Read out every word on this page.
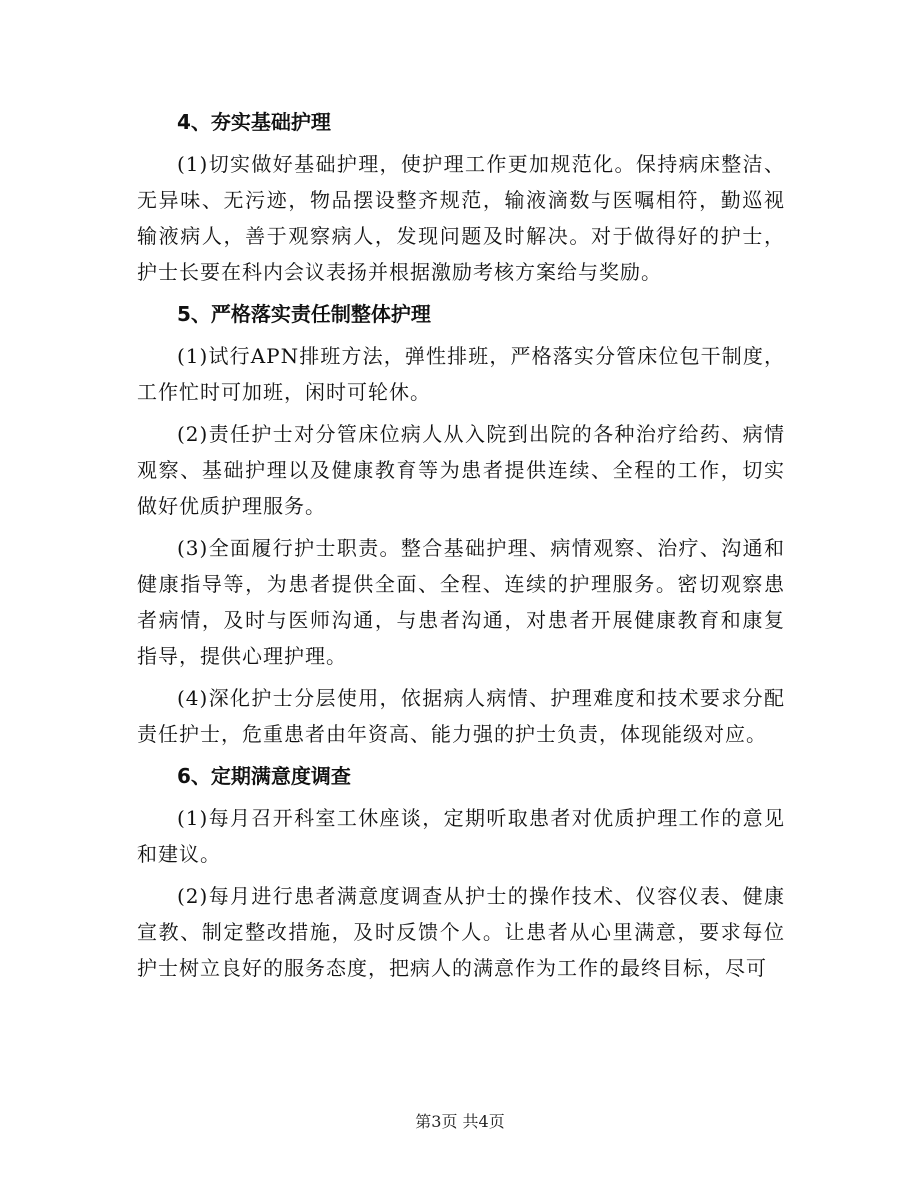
4、夯实基础护理

(1)切实做好基础护理，使护理工作更加规范化。保持病床整洁、无异味、无污迹，物品摆设整齐规范，输液滴数与医嘱相符，勤巡视输液病人，善于观察病人，发现问题及时解决。对于做得好的护士，护士长要在科内会议表扬并根据激励考核方案给与奖励。

5、严格落实责任制整体护理

(1)试行APN排班方法，弹性排班，严格落实分管床位包干制度，工作忙时可加班，闲时可轮休。

(2)责任护士对分管床位病人从入院到出院的各种治疗给药、病情观察、基础护理以及健康教育等为患者提供连续、全程的工作，切实做好优质护理服务。

(3)全面履行护士职责。整合基础护理、病情观察、治疗、沟通和健康指导等，为患者提供全面、全程、连续的护理服务。密切观察患者病情，及时与医师沟通，与患者沟通，对患者开展健康教育和康复指导，提供心理护理。

(4)深化护士分层使用，依据病人病情、护理难度和技术要求分配责任护士，危重患者由年资高、能力强的护士负责，体现能级对应。

6、定期满意度调查

(1)每月召开科室工休座谈，定期听取患者对优质护理工作的意见和建议。

(2)每月进行患者满意度调查从护士的操作技术、仪容仪表、健康宣教、制定整改措施，及时反馈个人。让患者从心里满意，要求每位护士树立良好的服务态度，把病人的满意作为工作的最终目标，尽可

第3页 共4页
